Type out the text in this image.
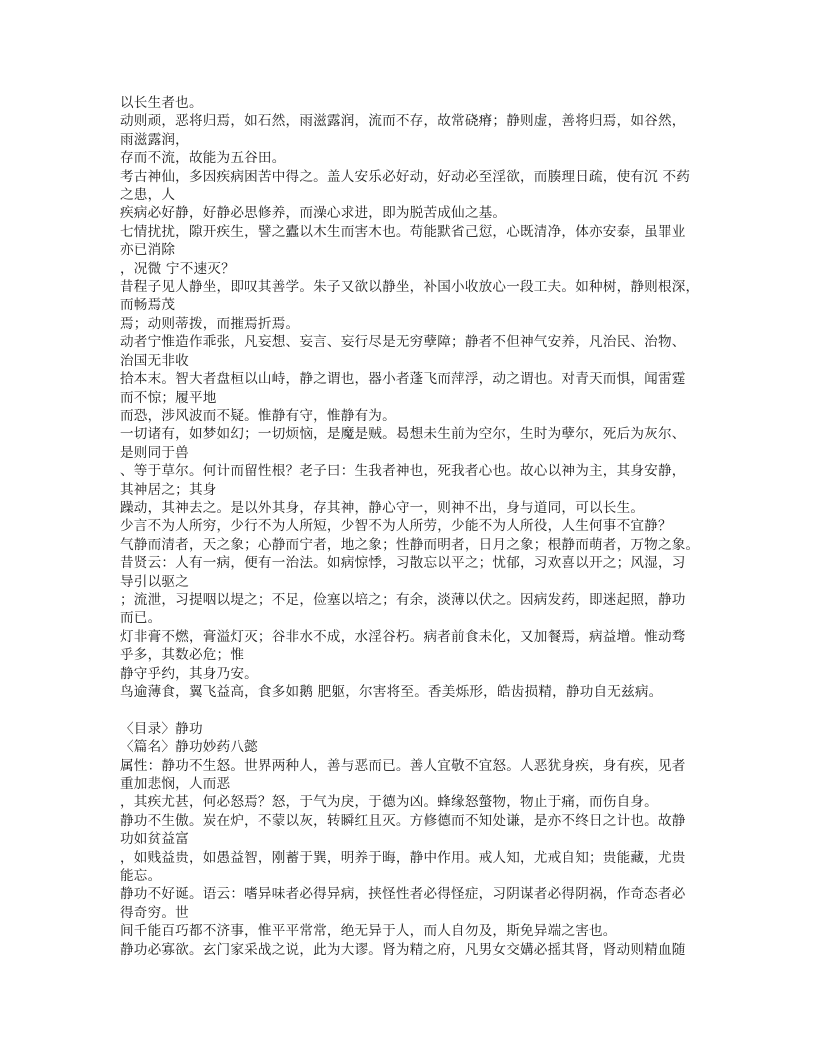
以长生者也。

动则顽，恶将归焉，如石然，雨滋露润，流而不存，故常硗瘠；静则虚，善将归焉，如谷然，

雨滋露润，

存而不流，故能为五谷田。

考古神仙，多因疾病困苦中得之。盖人安乐必好动，好动必至淫欲，而腠理日疏，使有沉 不药

之患，人

疾病必好静，好静必思修养，而澡心求进，即为脱苦成仙之基。

七情扰扰，隙开疾生，譬之蠹以木生而害木也。苟能默省己愆，心既清净，体亦安泰，虽罪业

亦已消除

，况微 宁不速灭？

昔程子见人静坐，即叹其善学。朱子又欲以静坐，补国小收放心一段工夫。如种树，静则根深，

而畅焉茂

焉；动则蒂拨，而摧焉折焉。

动者宁惟造作乖张，凡妄想、妄言、妄行尽是无穷孽障；静者不但神气安养，凡治民、治物、

治国无非收

拾本末。智大者盘桓以山峙，静之谓也，器小者蓬飞而萍浮，动之谓也。对青天而惧，闻雷霆

而不惊；履平地

而恐，涉风波而不疑。惟静有守，惟静有为。

一切诸有，如梦如幻；一切烦恼，是魔是贼。曷想未生前为空尔，生时为孽尔，死后为灰尔、

是则同于兽

、等于草尔。何计而留性根？老子曰：生我者神也，死我者心也。故心以神为主，其身安静，

其神居之；其身

躁动，其神去之。是以外其身，存其神，静心守一，则神不出，身与道同，可以长生。

少言不为人所穷，少行不为人所短，少智不为人所劳，少能不为人所役，人生何事不宜静？

气静而清者，天之象；心静而宁者，地之象；性静而明者，日月之象；根静而萌者，万物之象。

昔贤云：人有一病，便有一治法。如病惊悸，习散忘以平之；忧郁，习欢喜以开之；风湿，习

导引以驱之

；流泄，习提咽以堤之；不足，俭塞以培之；有余，淡薄以伏之。因病发药，即迷起照，静功

而已。

灯非膏不燃，膏溢灯灭；谷非水不成，水淫谷朽。病者前食未化，又加餐焉，病益增。惟动骛

乎多，其数必危；惟

静守乎约，其身乃安。

鸟逾薄食，翼飞益高，食多如鹅 肥躯，尔害将至。香美烁形，皓齿损精，静功自无兹病。

〈目录〉静功

〈篇名〉静功妙药八懿

属性：静功不生怒。世界两种人，善与恶而已。善人宜敬不宜怒。人恶犹身疾，身有疾，见者

重加悲悯，人而恶

，其疾尤甚，何必怒焉？怒，于气为戾，于德为凶。蜂缘怒螫物，物止于痛，而伤自身。

静功不生傲。炭在炉，不蒙以灰，转瞬红且灭。方修德而不知处谦，是亦不终日之计也。故静

功如贫益富

，如贱益贵，如愚益智，刚蓄于巽，明养于晦，静中作用。戒人知，尤戒自知；贵能藏，尤贵

能忘。

静功不好诞。语云：嗜异味者必得异病，挟怪性者必得怪症，习阴谋者必得阴祸，作奇态者必

得奇穷。世

间千能百巧都不济事，惟平平常常，绝无异于人，而人自勿及，斯免异端之害也。

静功必寡欲。玄门家采战之说，此为大谬。肾为精之府，凡男女交媾必摇其肾，肾动则精血随
